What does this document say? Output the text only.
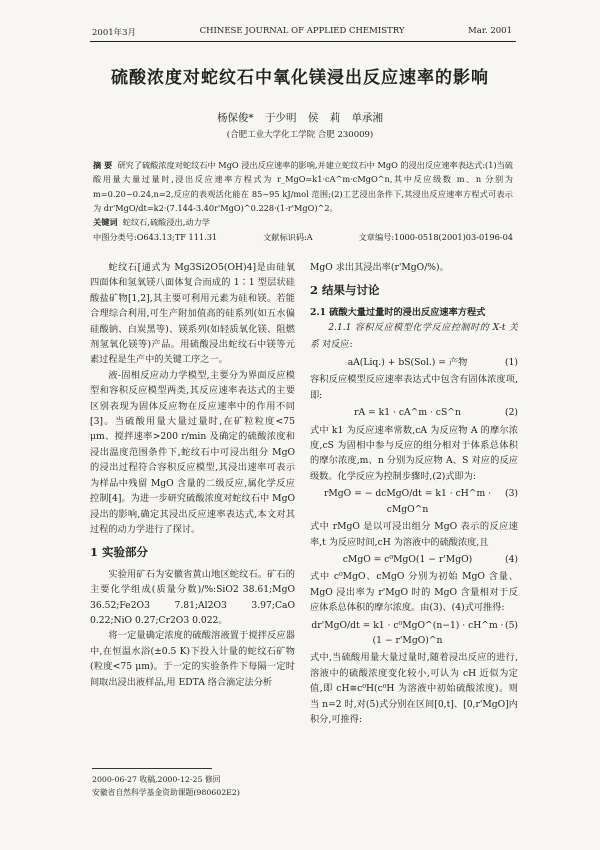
2001年3月	CHINESE JOURNAL OF APPLIED CHEMISTRY	Mar. 2001
硫酸浓度对蛇纹石中氧化镁浸出反应速率的影响
杨保俊* 于少明 侯 莉 单承湘
(合肥工业大学化工学院 合肥 230009)

摘 要 研究了硫酸浓度对蛇纹石中 MgO 浸出反应速率的影响,并建立蛇纹石中 MgO 的浸出反应速率表达式:(1)当硫酸用量大量过量时,浸出反应速率方程式为 r_MgO=k1·cA^m·cMgO^n,其中反应级数 m、n 分别为 m=0.20~0.24,n=2,反应的表观活化能在 85~95 kJ/mol 范围;(2)工艺浸出条件下,其浸出反应速率方程式可表示为 dr'MgO/dt=k2·(7.144-3.40r'MgO)^0.228·(1-r'MgO)^2。

关键词 蛇纹石,硫酸浸出,动力学

中图分类号:O643.13;TF 111.31	文献标识码:A	文章编号:1000-0518(2001)03-0196-04

蛇纹石[通式为 Mg3Si2O5(OH)4]是由硅氧四面体和氢氧镁八面体复合而成的 1∶1 型层状硅酸盐矿物[1,2],其主要可利用元素为硅和镁。若能合理综合利用,可生产附加值高的硅系列(如五水偏硅酸钠、白炭黑等)、镁系列(如轻质氧化镁、阻燃剂氢氧化镁等)产品。用硫酸浸出蛇纹石中镁等元素过程是生产中的关键工序之一。

液-固相反应动力学模型,主要分为界面反应模型和容积反应模型两类,其反应速率表达式的主要区别表现为固体反应物在反应速率中的作用不同[3]。当硫酸用量大量过量时,在矿粒粒度<75 μm、搅拌速率>200 r/min 及确定的硫酸浓度和浸出温度范围条件下,蛇纹石中可浸出组分 MgO 的浸出过程符合容积反应模型,其浸出速率可表示为样品中残留 MgO 含量的二级反应,属化学反应控制[4]。为进一步研究硫酸浓度对蛇纹石中 MgO 浸出的影响,确定其浸出反应速率表达式,本文对其过程的动力学进行了探讨。

1 实验部分

实验用矿石为安徽省黄山地区蛇纹石。矿石的主要化学组成(质量分数)/%:SiO2 38.61;MgO 36.52;Fe2O3 7.81;Al2O3 3.97;CaO 0.22;NiO 0.27;Cr2O3 0.022。

将一定量确定浓度的硫酸溶液置于搅拌反应器中,在恒温水浴(±0.5 K)下投入计量的蛇纹石矿物(粒度<75 μm)。于一定的实验条件下每隔一定时间取出浸出液样品,用 EDTA 络合滴定法分析

MgO 求出其浸出率(r'MgO/%)。

2 结果与讨论
2.1 硫酸大量过量时的浸出反应速率方程式

2.1.1 容积反应模型化学反应控制时的 X-t 关系 对反应:

aA(Liq.) + bS(Sol.) = 产物	(1)

容积反应模型反应速率表达式中包含有固体浓度项,即:

rA = k1 · cA^m · cS^n	(2)

式中 k1 为反应速率常数,cA 为反应物 A 的摩尔浓度,cS 为固相中参与反应的组分相对于体系总体积的摩尔浓度,m、n 分别为反应物 A、S 对应的反应级数。化学反应为控制步骤时,(2)式即为:

rMgO = − dcMgO/dt = k1 · cH^m · cMgO^n
(3)

式中 rMgO 是以可浸出组分 MgO 表示的反应速率,t 为反应时间,cH 为溶液中的硫酸浓度,且

cMgO = c⁰MgO(1 − r'MgO)	(4)

式中 c⁰MgO、cMgO 分别为初始 MgO 含量、MgO 浸出率为 r'MgO 时的 MgO 含量相对于反应体系总体积的摩尔浓度。由(3)、(4)式可推得:

dr'MgO/dt = k1 · c⁰MgO^(n−1) · cH^m · (1 − r'MgO)^n
(5)

式中,当硫酸用量大量过量时,随着浸出反应的进行,溶液中的硫酸浓度变化较小,可认为 cH 近似为定值,即 cH≅c⁰H(c⁰H 为溶液中初始硫酸浓度)。则当 n=2 时,对(5)式分别在区间[0,t]、[0,r'MgO]内积分,可推得:

2000-06-27 收稿,2000-12-25 修回
安徽省自然科学基金资助课题(980602E2)
